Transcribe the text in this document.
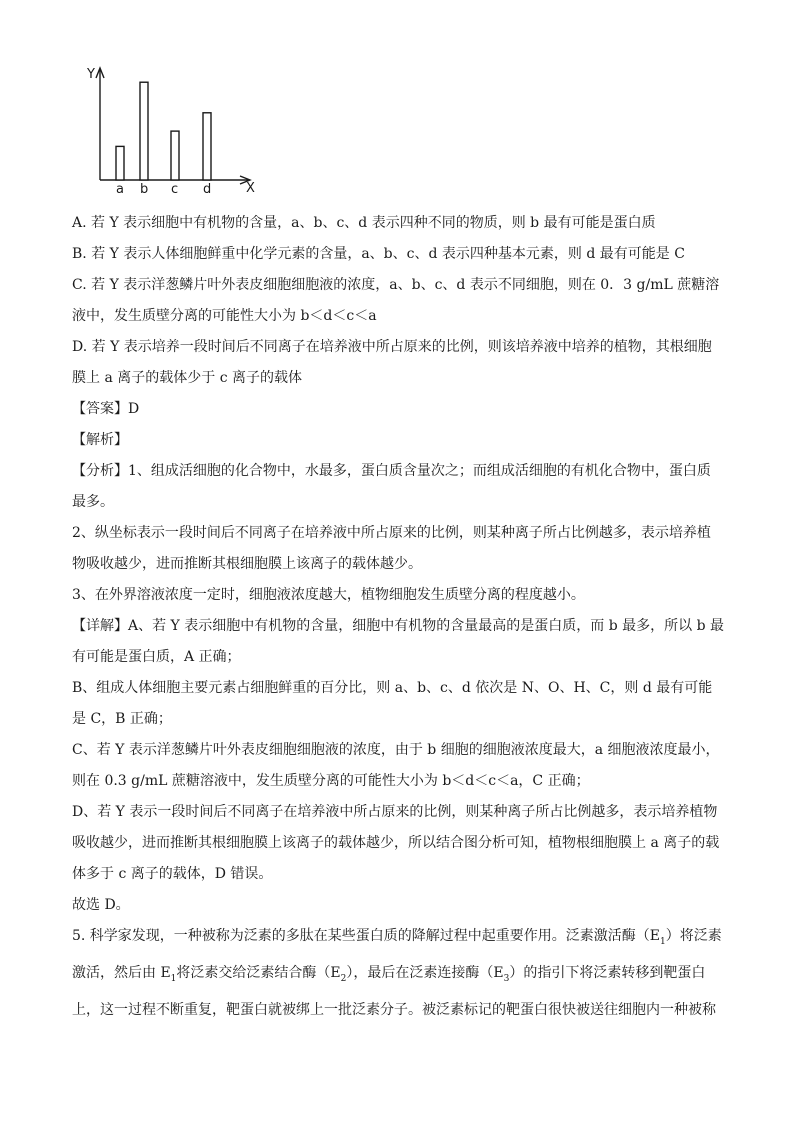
Y
X
a b c d

A. 若 Y 表示细胞中有机物的含量，a、b、c、d 表示四种不同的物质，则 b 最有可能是蛋白质

B. 若 Y 表示人体细胞鲜重中化学元素的含量，a、b、c、d 表示四种基本元素，则 d 最有可能是 C

C. 若 Y 表示洋葱鳞片叶外表皮细胞细胞液的浓度，a、b、c、d 表示不同细胞，则在 0．3 g/mL 蔗糖溶液中，发生质壁分离的可能性大小为 b＜d＜c＜a

D. 若 Y 表示培养一段时间后不同离子在培养液中所占原来的比例，则该培养液中培养的植物，其根细胞膜上 a 离子的载体少于 c 离子的载体

【答案】D

【解析】

【分析】1、组成活细胞的化合物中，水最多，蛋白质含量次之；而组成活细胞的有机化合物中，蛋白质最多。

2、纵坐标表示一段时间后不同离子在培养液中所占原来的比例，则某种离子所占比例越多，表示培养植物吸收越少，进而推断其根细胞膜上该离子的载体越少。

3、在外界溶液浓度一定时，细胞液浓度越大，植物细胞发生质壁分离的程度越小。

【详解】A、若 Y 表示细胞中有机物的含量，细胞中有机物的含量最高的是蛋白质，而 b 最多，所以 b 最有可能是蛋白质，A 正确；

B、组成人体细胞主要元素占细胞鲜重的百分比，则 a、b、c、d 依次是 N、O、H、C，则 d 最有可能是 C，B 正确；

C、若 Y 表示洋葱鳞片叶外表皮细胞细胞液的浓度，由于 b 细胞的细胞液浓度最大，a 细胞液浓度最小，则在 0.3 g/mL 蔗糖溶液中，发生质壁分离的可能性大小为 b＜d＜c＜a，C 正确；

D、若 Y 表示一段时间后不同离子在培养液中所占原来的比例，则某种离子所占比例越多，表示培养植物吸收越少，进而推断其根细胞膜上该离子的载体越少，所以结合图分析可知，植物根细胞膜上 a 离子的载体多于 c 离子的载体，D 错误。

故选 D。

5. 科学家发现，一种被称为泛素的多肽在某些蛋白质的降解过程中起重要作用。泛素激活酶$(E_1)$将泛素激活，然后由 $E_1$将泛素交给泛素结合酶$(E_2)$，最后在泛素连接酶$(E_3)$的指引下将泛素转移到靶蛋白上，这一过程不断重复，靶蛋白就被绑上一批泛素分子。被泛素标记的靶蛋白很快被送往细胞内一种被称
